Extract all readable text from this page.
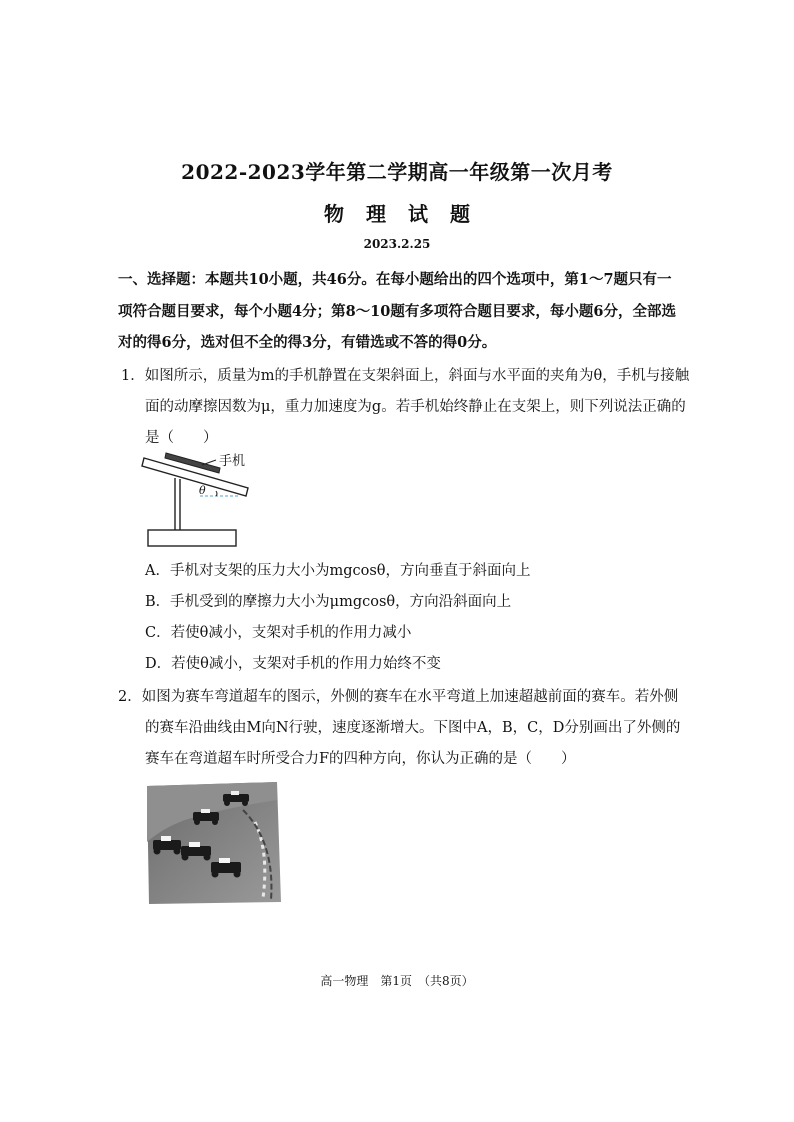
2022-2023学年第二学期高一年级第一次月考
物理试题
2023.2.25
一、选择题：本题共10小题，共46分。在每小题给出的四个选项中，第1～7题只有一
项符合题目要求，每个小题4分；第8～10题有多项符合题目要求，每小题6分，全部选
对的得6分，选对但不全的得3分，有错选或不答的得0分。
1．如图所示，质量为m的手机静置在支架斜面上，斜面与水平面的夹角为θ，手机与接触
面的动摩擦因数为μ，重力加速度为g。若手机始终静止在支架上，则下列说法正确的
是（　　）
手机
θ
A．手机对支架的压力大小为mgcosθ，方向垂直于斜面向上
B．手机受到的摩擦力大小为μmgcosθ，方向沿斜面向上
C．若使θ减小，支架对手机的作用力减小
D．若使θ减小，支架对手机的作用力始终不变
2．如图为赛车弯道超车的图示，外侧的赛车在水平弯道上加速超越前面的赛车。若外侧
的赛车沿曲线由M向N行驶，速度逐渐增大。下图中A，B，C，D分别画出了外侧的
赛车在弯道超车时所受合力F的四种方向，你认为正确的是（　　）
高一物理　第1页　（共8页）
